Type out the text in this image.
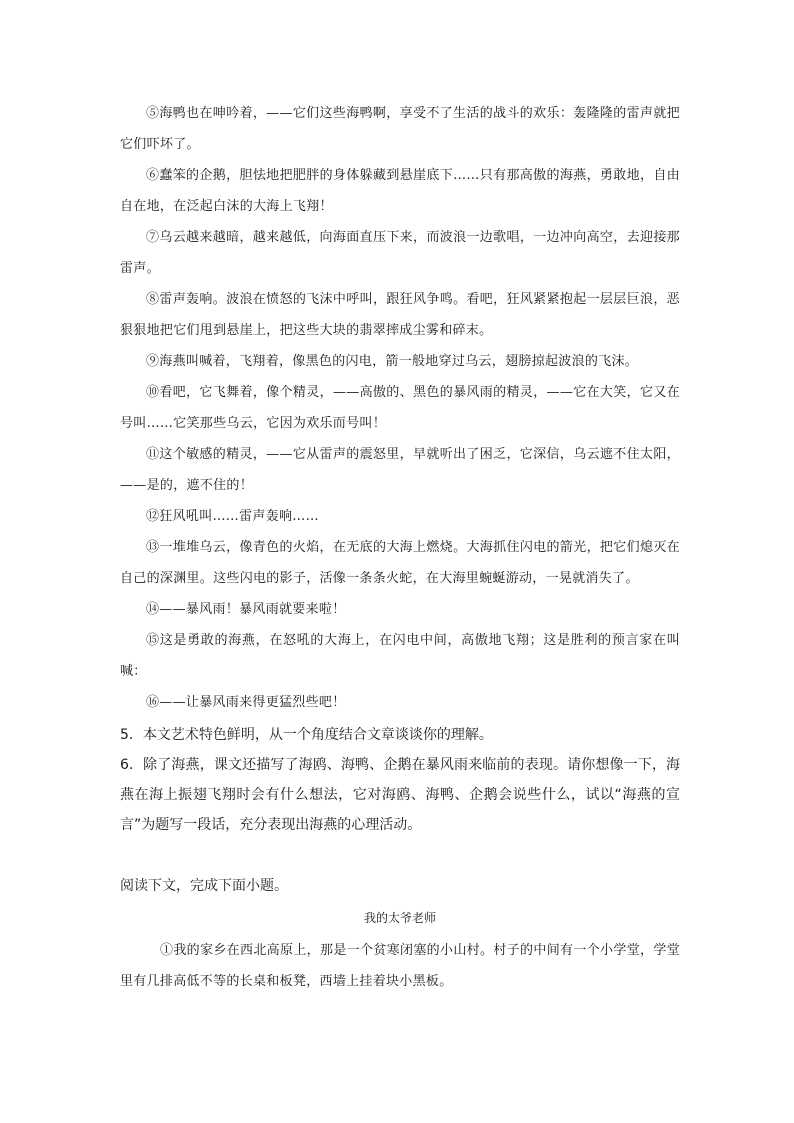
⑤海鸭也在呻吟着，——它们这些海鸭啊，享受不了生活的战斗的欢乐：轰隆隆的雷声就把它们吓坏了。

⑥蠢笨的企鹅，胆怯地把肥胖的身体躲藏到悬崖底下……只有那高傲的海燕，勇敢地，自由自在地，在泛起白沫的大海上飞翔！

⑦乌云越来越暗，越来越低，向海面直压下来，而波浪一边歌唱，一边冲向高空，去迎接那雷声。

⑧雷声轰响。波浪在愤怒的飞沫中呼叫，跟狂风争鸣。看吧，狂风紧紧抱起一层层巨浪，恶狠狠地把它们甩到悬崖上，把这些大块的翡翠摔成尘雾和碎末。

⑨海燕叫喊着，飞翔着，像黑色的闪电，箭一般地穿过乌云，翅膀掠起波浪的飞沫。

⑩看吧，它飞舞着，像个精灵，——高傲的、黑色的暴风雨的精灵，——它在大笑，它又在号叫……它笑那些乌云，它因为欢乐而号叫！

⑪这个敏感的精灵，——它从雷声的震怒里，早就听出了困乏，它深信，乌云遮不住太阳，——是的，遮不住的！

⑫狂风吼叫……雷声轰响……

⑬一堆堆乌云，像青色的火焰，在无底的大海上燃烧。大海抓住闪电的箭光，把它们熄灭在自己的深渊里。这些闪电的影子，活像一条条火蛇，在大海里蜿蜒游动，一晃就消失了。

⑭——暴风雨！暴风雨就要来啦！

⑮这是勇敢的海燕，在怒吼的大海上，在闪电中间，高傲地飞翔；这是胜利的预言家在叫喊：

⑯——让暴风雨来得更猛烈些吧！

5．本文艺术特色鲜明，从一个角度结合文章谈谈你的理解。

6．除了海燕，课文还描写了海鸥、海鸭、企鹅在暴风雨来临前的表现。请你想像一下，海燕在海上振翅飞翔时会有什么想法，它对海鸥、海鸭、企鹅会说些什么，试以“海燕的宣言”为题写一段话，充分表现出海燕的心理活动。

阅读下文，完成下面小题。

我的太爷老师

①我的家乡在西北高原上，那是一个贫寒闭塞的小山村。村子的中间有一个小学堂，学堂里有几排高低不等的长桌和板凳，西墙上挂着块小黑板。
